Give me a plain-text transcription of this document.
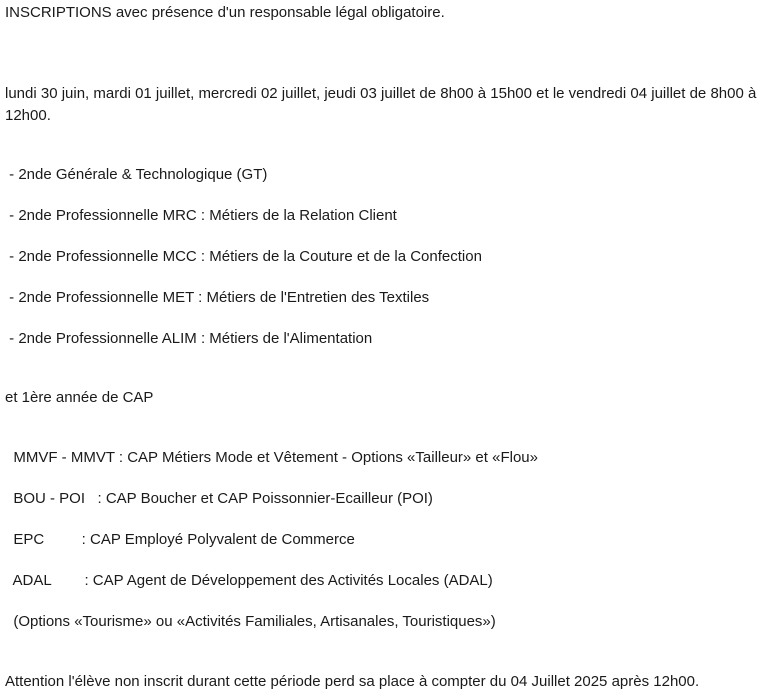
INSCRIPTIONS avec présence d'un responsable légal obligatoire.
lundi 30 juin, mardi 01 juillet, mercredi 02 juillet, jeudi 03 juillet de 8h00 à 15h00 et le vendredi 04 juillet de 8h00 à
12h00.
- 2nde Générale & Technologique (GT)
- 2nde Professionnelle MRC : Métiers de la Relation Client
- 2nde Professionnelle MCC : Métiers de la Couture et de la Confection
- 2nde Professionnelle MET : Métiers de l'Entretien des Textiles
- 2nde Professionnelle ALIM : Métiers de l'Alimentation
et 1ère année de CAP
MMVF - MMVT : CAP Métiers Mode et Vêtement - Options «Tailleur» et «Flou»
BOU - POI   : CAP Boucher et CAP Poissonnier-Ecailleur (POI)
EPC         : CAP Employé Polyvalent de Commerce
ADAL        : CAP Agent de Développement des Activités Locales (ADAL)
(Options «Tourisme» ou «Activités Familiales, Artisanales, Touristiques»)
Attention l'élève non inscrit durant cette période perd sa place à compter du 04 Juillet 2025 après 12h00.
